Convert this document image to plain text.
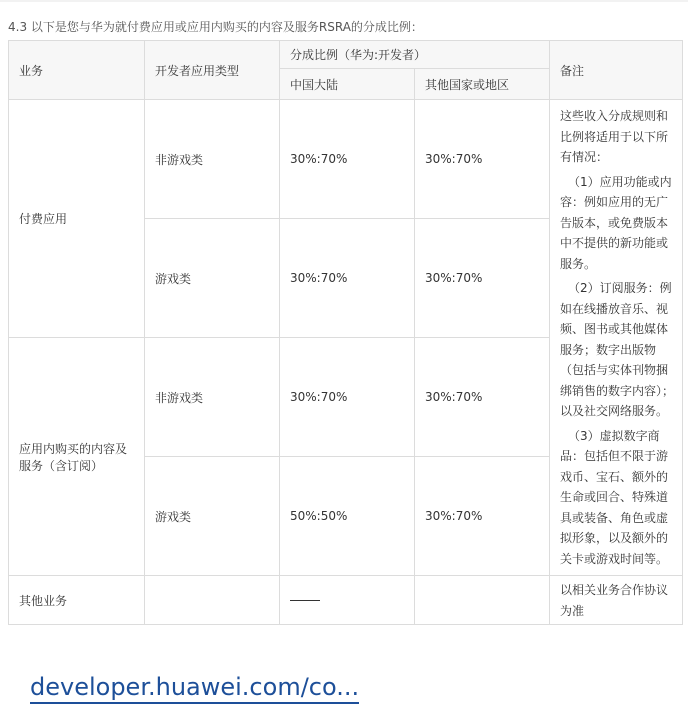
4.3 以下是您与华为就付费应用或应用内购买的内容及服务RSRA的分成比例：
业务	开发者应用类型	分成比例（华为:开发者）		备注
		中国大陆	其他国家或地区	
付费应用	非游戏类	30%:70%	30%:70%	这些收入分成规则和比例将适用于以下所有情况：

（1）应用功能或内容：例如应用的无广告版本，或免费版本中不提供的新功能或服务。

（2）订阅服务：例如在线播放音乐、视频、图书或其他媒体服务；数字出版物（包括与实体刊物捆绑销售的数字内容）；以及社交网络服务。

（3）虚拟数字商品：包括但不限于游戏币、宝石、额外的生命或回合、特殊道具或装备、角色或虚拟形象，以及额外的关卡或游戏时间等。

	游戏类	30%:70%	30%:70%	
应用内购买的内容及服务（含订阅）	非游戏类	30%:70%	30%:70%	
	游戏类	50%:50%	30%:70%	
其他业务				以相关业务合作协议为准
developer.huawei.com/co...
